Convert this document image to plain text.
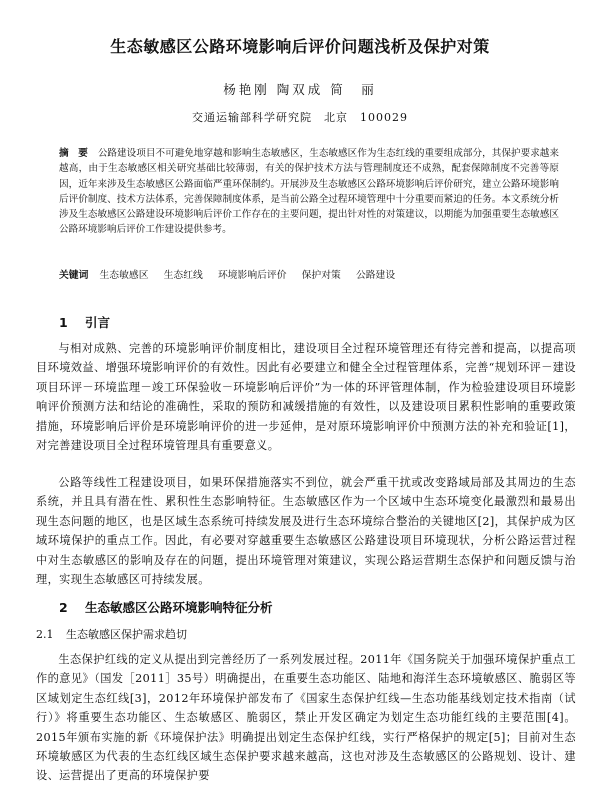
生态敏感区公路环境影响后评价问题浅析及保护对策
杨艳刚 陶双成 简　丽
交通运输部科学研究院　北京　100029
摘　要 公路建设项目不可避免地穿越和影响生态敏感区，生态敏感区作为生态红线的重要组成部分，其保护要求越来越高，由于生态敏感区相关研究基础比较薄弱，有关的保护技术方法与管理制度还不成熟，配套保障制度不完善等原因，近年来涉及生态敏感区公路面临严重环保制约。开展涉及生态敏感区公路环境影响后评价研究，建立公路环境影响后评价制度、技术方法体系，完善保障制度体系，是当前公路全过程环境管理中十分重要而紧迫的任务。本文系统分析涉及生态敏感区公路建设环境影响后评价工作存在的主要问题，提出针对性的对策建议，以期能为加强重要生态敏感区公路环境影响后评价工作建设提供参考。
关键词 生态敏感区 生态红线 环境影响后评价 保护对策 公路建设
1 引言
与相对成熟、完善的环境影响评价制度相比，建设项目全过程环境管理还有待完善和提高，以提高项目环境效益、增强环境影响评价的有效性。因此有必要建立和健全全过程管理体系，完善“规划环评－建设项目环评－环境监理－竣工环保验收－环境影响后评价”为一体的环评管理体制，作为检验建设项目环境影响评价预测方法和结论的准确性，采取的预防和减缓措施的有效性，以及建设项目累积性影响的重要政策措施，环境影响后评价是环境影响评价的进一步延伸，是对原环境影响评价中预测方法的补充和验证[1]，对完善建设项目全过程环境管理具有重要意义。
公路等线性工程建设项目，如果环保措施落实不到位，就会严重干扰或改变路域局部及其周边的生态系统，并且具有潜在性、累积性生态影响特征。生态敏感区作为一个区域中生态环境变化最激烈和最易出现生态问题的地区，也是区域生态系统可持续发展及进行生态环境综合整治的关键地区[2]，其保护成为区域环境保护的重点工作。因此，有必要对穿越重要生态敏感区公路建设项目环境现状，分析公路运营过程中对生态敏感区的影响及存在的问题，提出环境管理对策建议，实现公路运营期生态保护和问题反馈与治理，实现生态敏感区可持续发展。
2 生态敏感区公路环境影响特征分析
2.1 生态敏感区保护需求趋切
生态保护红线的定义从提出到完善经历了一系列发展过程。2011年《国务院关于加强环境保护重点工作的意见》（国发［2011］35号）明确提出，在重要生态功能区、陆地和海洋生态环境敏感区、脆弱区等区域划定生态红线[3]，2012年环境保护部发布了《国家生态保护红线—生态功能基线划定技术指南（试行）》将重要生态功能区、生态敏感区、脆弱区，禁止开发区确定为划定生态功能红线的主要范围[4]。2015年颁布实施的新《环境保护法》明确提出划定生态保护红线，实行严格保护的规定[5]；目前对生态环境敏感区为代表的生态红线区域生态保护要求越来越高，这也对涉及生态敏感区的公路规划、设计、建设、运营提出了更高的环境保护要
